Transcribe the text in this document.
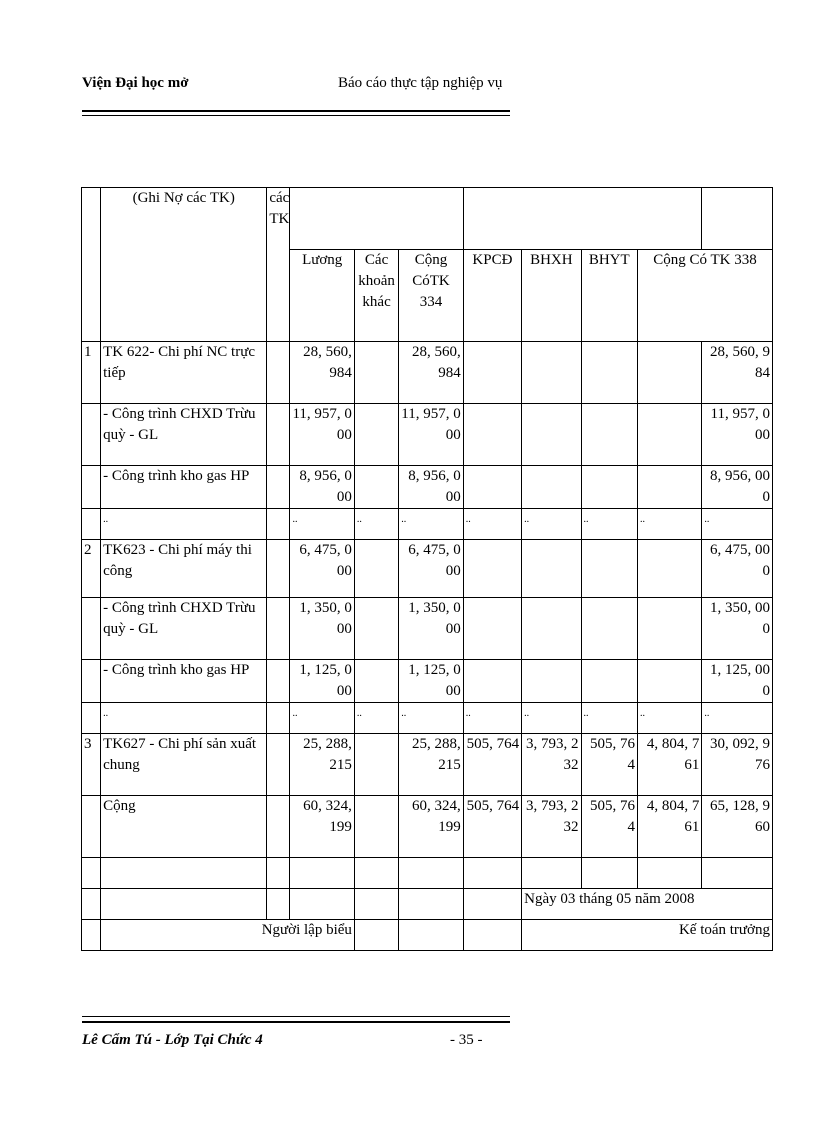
Viện Đại học mở	Báo cáo thực tập nghiệp vụ
	(Ghi Nợ các TK)	các TK								
			Lương	Các khoản khác	Cộng CóTK 334	KPCĐ	BHXH	BHYT	Cộng Có TK 338	
1	TK 622- Chi phí NC trực tiếp		28, 560, 984		28, 560, 984					28, 560, 984
	- Công trình CHXD Trừu quỳ - GL		11, 957, 000		11, 957, 000					11, 957, 000
	- Công trình kho gas HP		8, 956, 000		8, 956, 000					8, 956, 000
	..		..	..	..	..	..	..	..	..
2	TK623 - Chi phí máy thi công		6, 475, 000		6, 475, 000					6, 475, 000
	- Công trình CHXD Trừu quỳ - GL		1, 350, 000		1, 350, 000					1, 350, 000
	- Công trình kho gas HP		1, 125, 000		1, 125, 000					1, 125, 000
	..		..	..	..	..	..	..	..	..
3	TK627 - Chi phí sản xuất chung		25, 288, 215		25, 288, 215	505, 764	3, 793, 232	505, 764	4, 804, 761	30, 092, 976
	Cộng		60, 324, 199		60, 324, 199	505, 764	3, 793, 232	505, 764	4, 804, 761	65, 128, 960

							Ngày 03 tháng 05 năm 2008			
	Người lập biểu						Kế toán trưởng			
Lê Cẩm Tú - Lớp Tại Chức 4	- 35 -
